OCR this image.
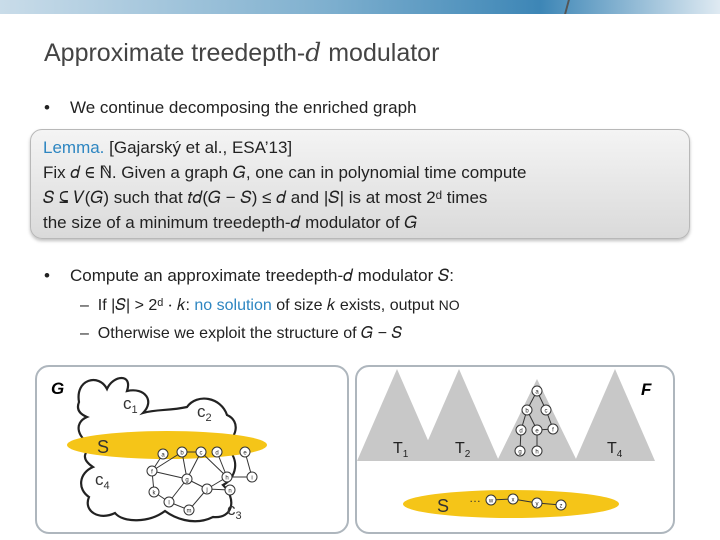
Approximate treedepth-d modulator
• We continue decomposing the enriched graph
Lemma. [Gajarský et al., ESA’13]
Fix 𝑑 ∈ ℕ. Given a graph 𝐺, one can in polynomial time compute
𝑆 ⊆ 𝑉(𝐺) such that 𝑡𝑑(𝐺 − 𝑆) ≤ 𝑑 and |𝑆| is at most 2ᵈ times
the size of a minimum treedepth-𝑑 modulator of 𝐺
• Compute an approximate treedepth-𝑑 modulator 𝑆:
– If |𝑆| > 2ᵈ ⋅ 𝑘: no solution of size 𝑘 exists, output NO
– Otherwise we exploit the structure of 𝐺 − 𝑆
G
S
$c_1$	$c_2$
$c_3$
$c_4$
a	b	c d	e
f
g	h	i
j
k
l
m
n
F
S …
$T_1$	$T_2$	$T_4$
a
b	c
d e f
g h
w	x
y	z
